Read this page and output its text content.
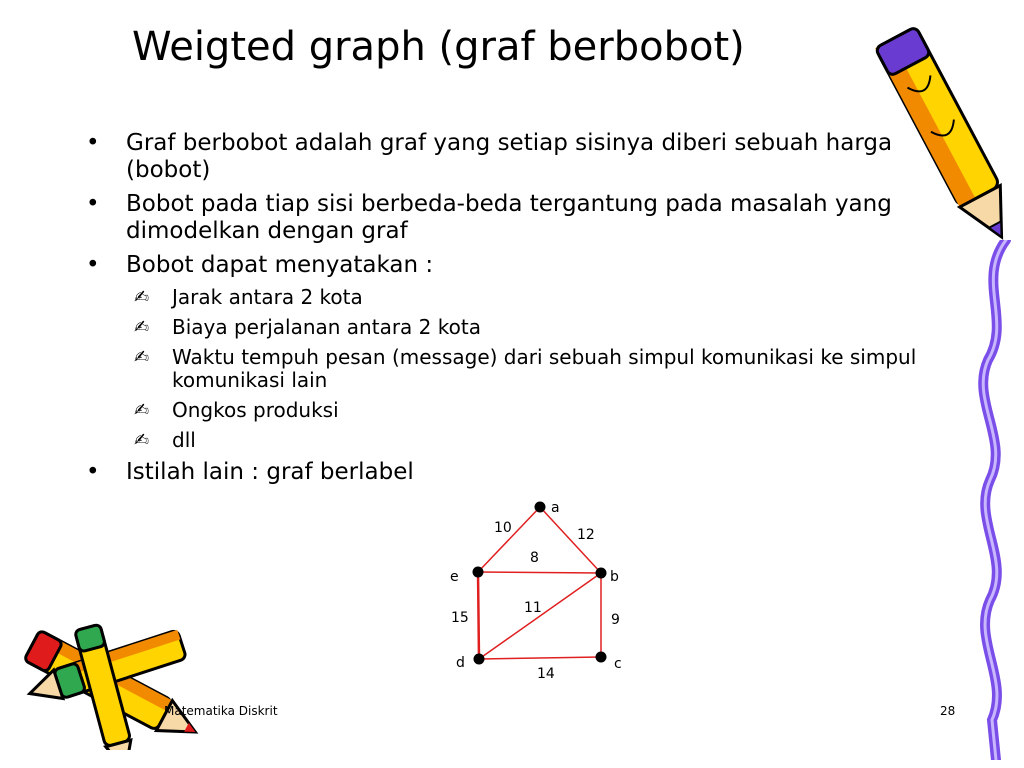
Weigted graph (graf berbobot)
• Graf berbobot adalah graf yang setiap sisinya diberi sebuah harga (bobot)
• Bobot pada tiap sisi berbeda-beda tergantung pada masalah yang dimodelkan dengan graf
• Bobot dapat menyatakan :
✍ Jarak antara 2 kota
✍ Biaya perjalanan antara 2 kota
✍ Waktu tempuh pesan (message) dari sebuah simpul komunikasi ke simpul komunikasi lain
✍ Ongkos produksi
✍ dll
• Istilah lain : graf berlabel
10	12
8
15
11
9
14
a
b
c
d
e
Matematika Diskrit	28
